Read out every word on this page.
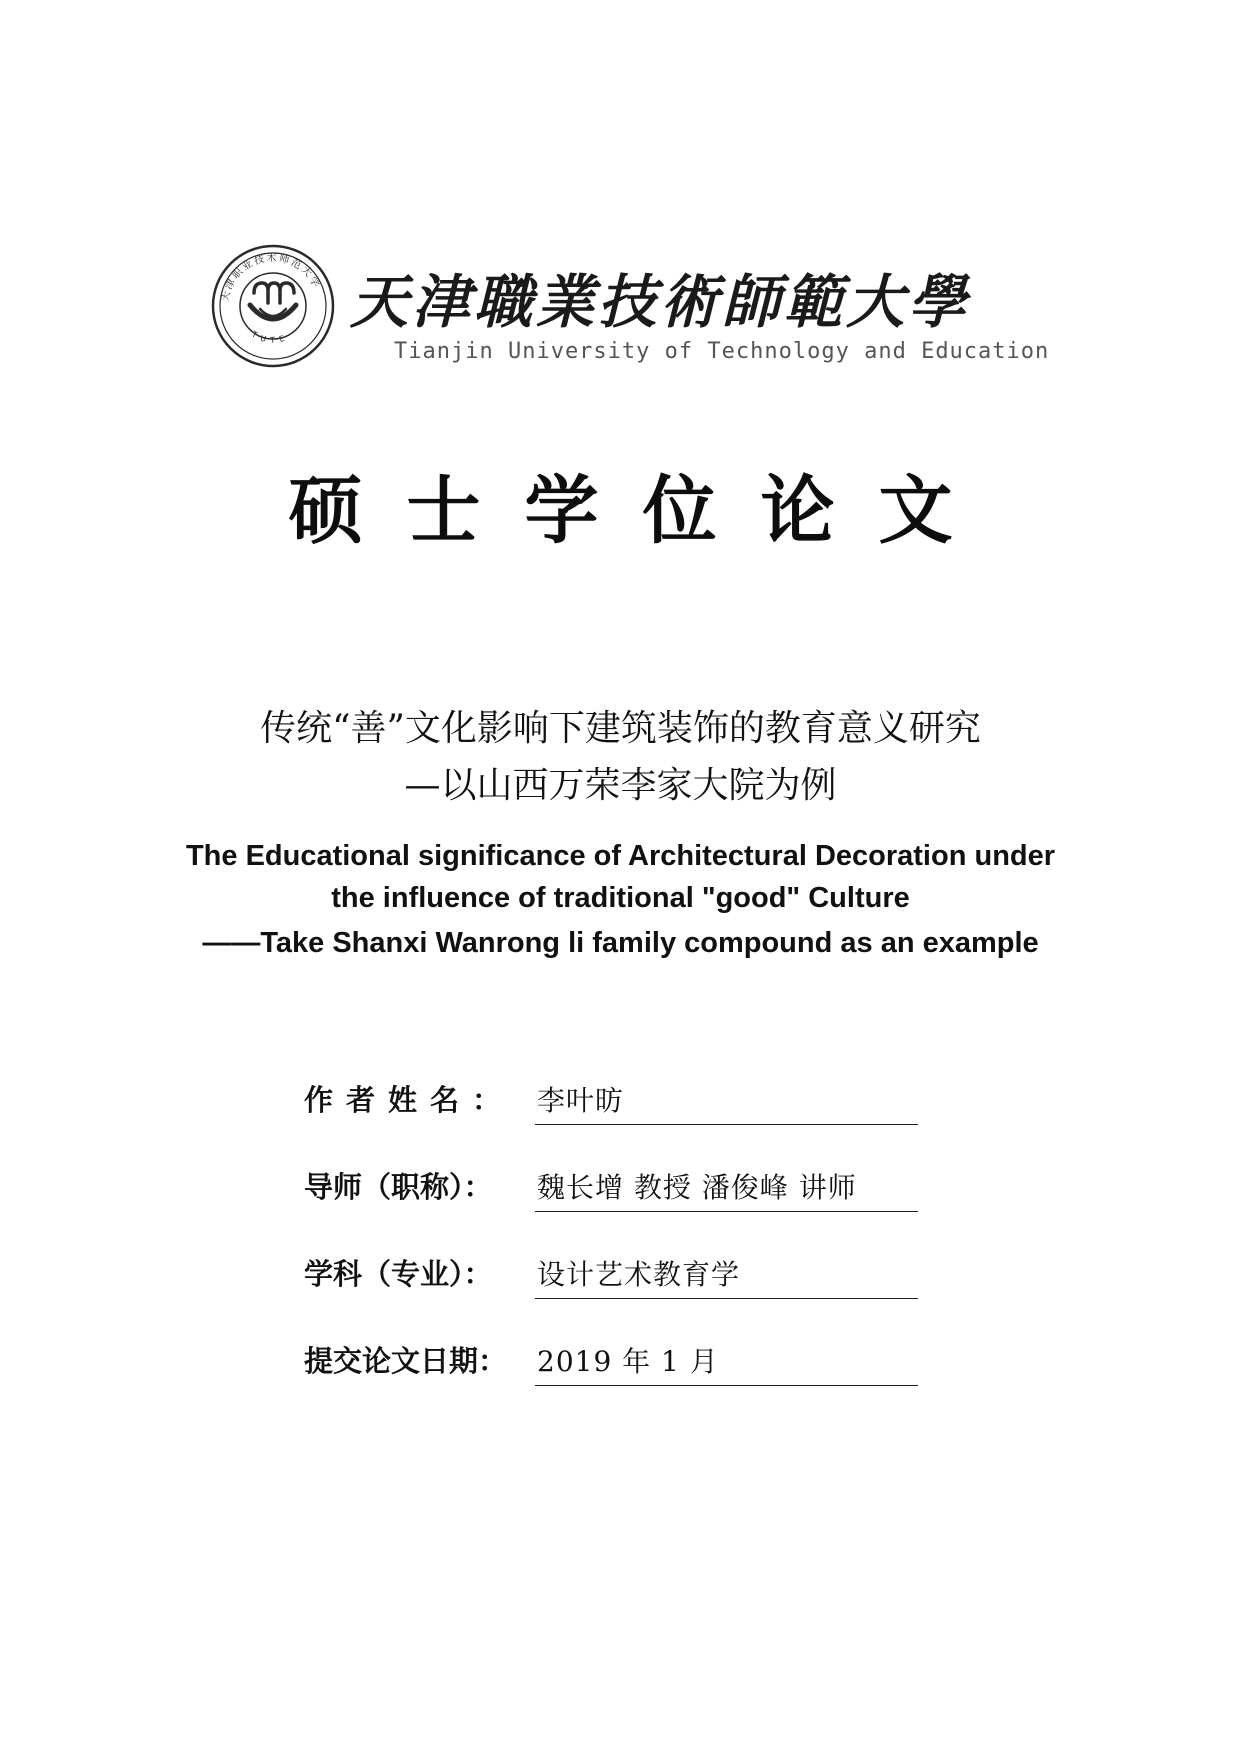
天津职业技术师范大学
TUTE
天津職業技術師範大學
Tianjin University of Technology and Education
硕士学位论文
传统“善”文化影响下建筑装饰的教育意义研究
—以山西万荣李家大院为例
The Educational significance of Architectural Decoration under
the influence of traditional "good" Culture
——Take Shanxi Wanrong li family compound as an example
作者姓名： 李叶昉
导师（职称）： 魏长增 教授 潘俊峰 讲师
学科（专业）： 设计艺术教育学
提交论文日期： 2019 年 1 月
